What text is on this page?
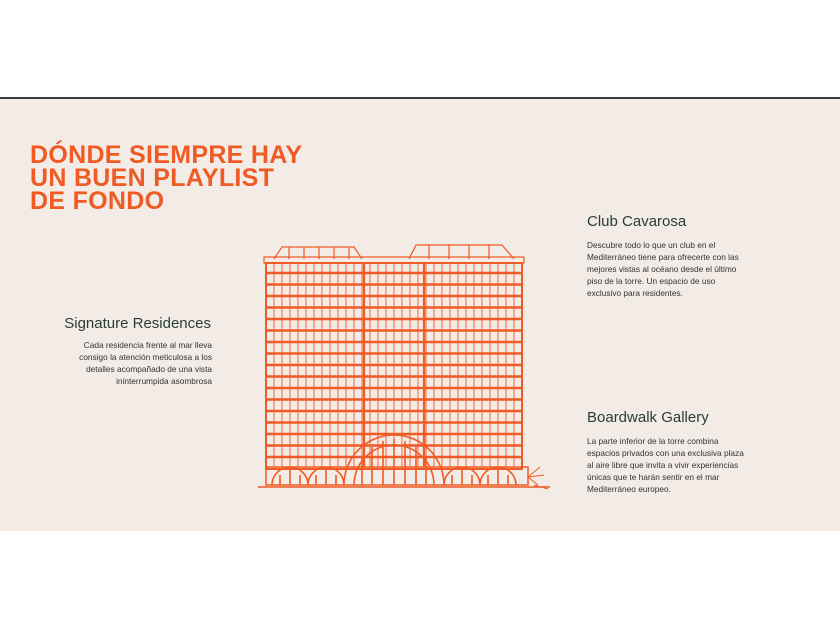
DÓNDE SIEMPRE HAY
UN BUEN PLAYLIST
DE FONDO
Signature Residences

Cada residencia frente al mar lleva
consigo la atención meticulosa a los
detalles acompañado de una vista
ininterrumpida asombrosa

Club Cavarosa

Descubre todo lo que un club en el
Mediterráneo tiene para ofrecerte con las
mejores vistas al océano desde el último
piso de la torre. Un espacio de uso
exclusivo para residentes.

Boardwalk Gallery

La parte inferior de la torre combina
espacios privados con una exclusiva plaza
al aire libre que invita a vivir experiencias
únicas que te harán sentir en el mar
Mediterráneo europeo.
